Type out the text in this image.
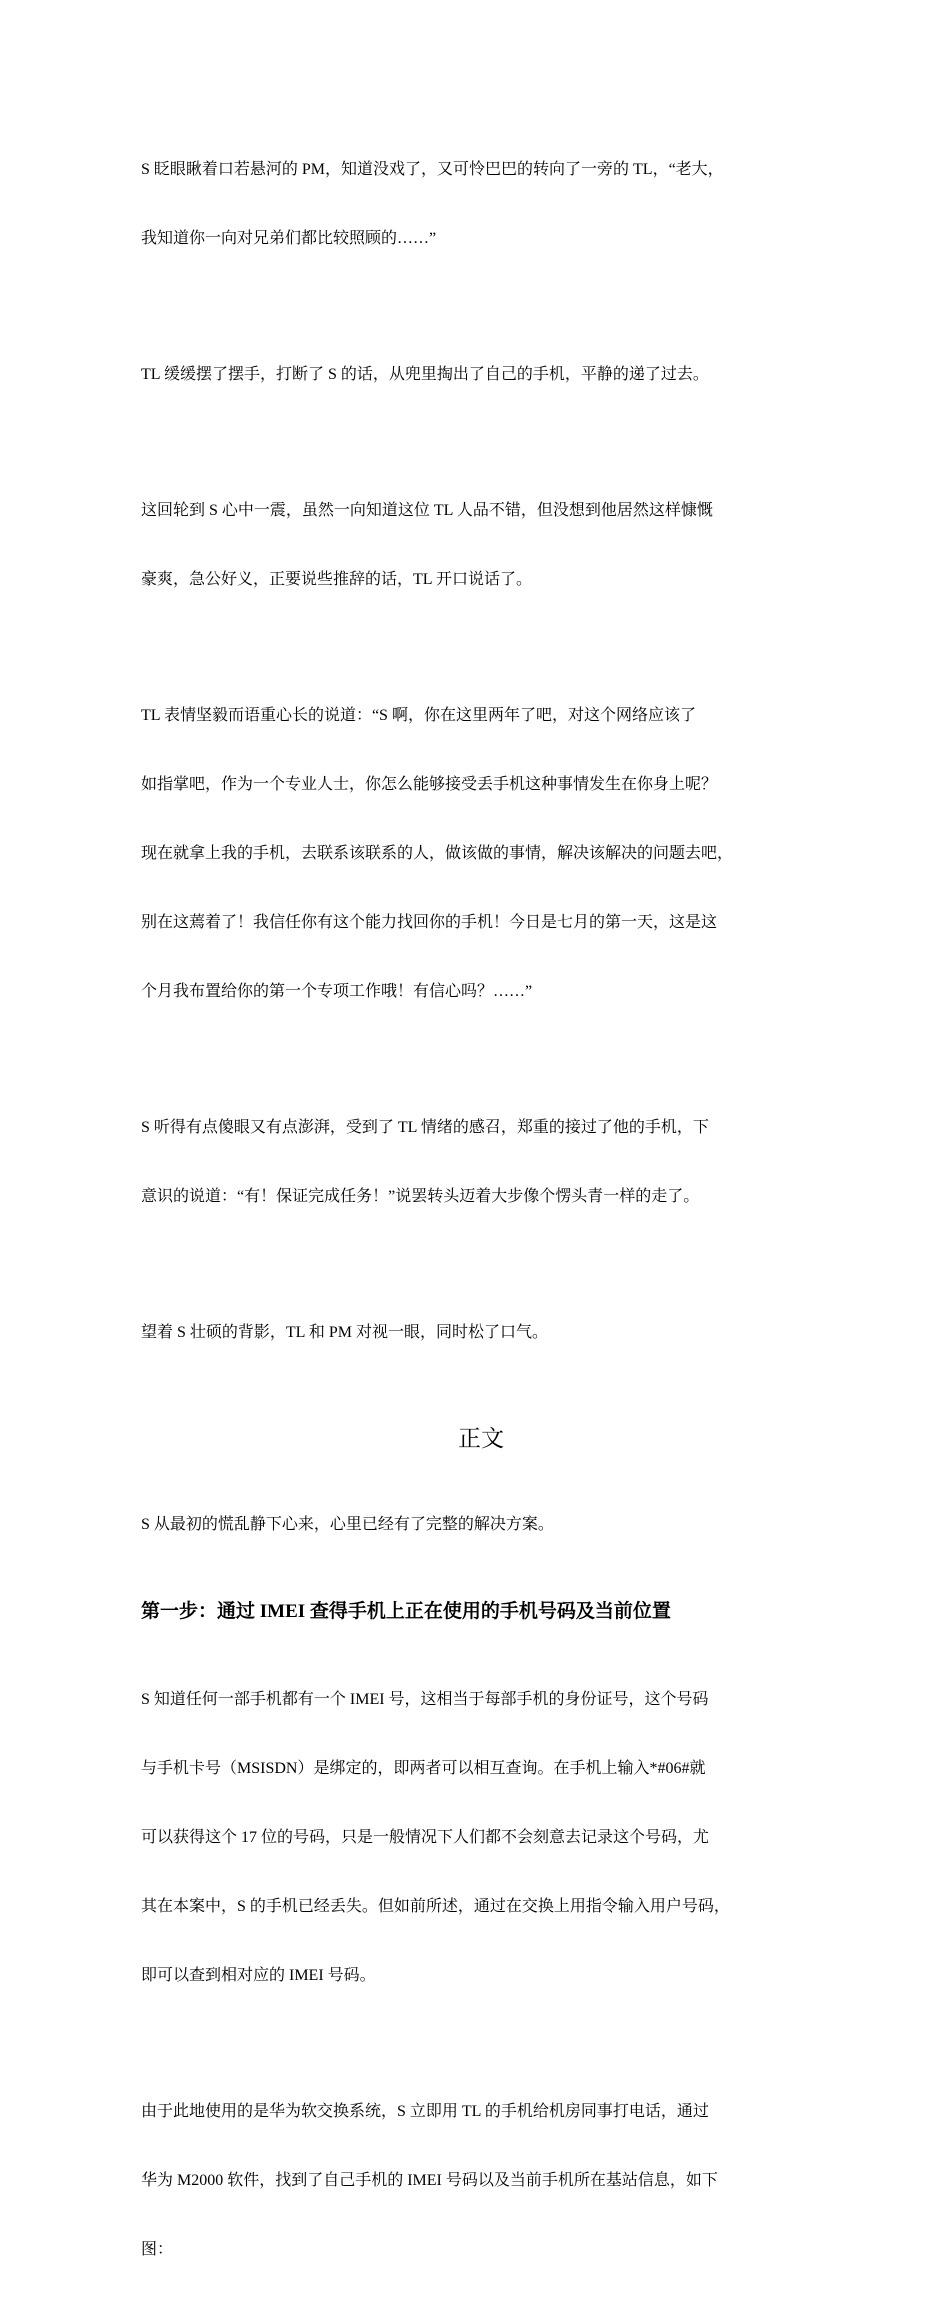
S 眨眼瞅着口若悬河的 PM，知道没戏了，又可怜巴巴的转向了一旁的 TL，“老大，

我知道你一向对兄弟们都比较照顾的……”

TL 缓缓摆了摆手，打断了 S 的话，从兜里掏出了自己的手机，平静的递了过去。

这回轮到 S 心中一震，虽然一向知道这位 TL 人品不错，但没想到他居然这样慷慨

豪爽，急公好义，正要说些推辞的话，TL 开口说话了。

TL 表情坚毅而语重心长的说道：“S 啊，你在这里两年了吧，对这个网络应该了

如指掌吧，作为一个专业人士，你怎么能够接受丢手机这种事情发生在你身上呢？

现在就拿上我的手机，去联系该联系的人，做该做的事情，解决该解决的问题去吧，

别在这蔫着了！我信任你有这个能力找回你的手机！今日是七月的第一天，这是这

个月我布置给你的第一个专项工作哦！有信心吗？……”

S 听得有点傻眼又有点澎湃，受到了 TL 情绪的感召，郑重的接过了他的手机，下

意识的说道：“有！保证完成任务！”说罢转头迈着大步像个愣头青一样的走了。

望着 S 壮硕的背影，TL 和 PM 对视一眼，同时松了口气。

正文

S 从最初的慌乱静下心来，心里已经有了完整的解决方案。

第一步：通过 IMEI 查得手机上正在使用的手机号码及当前位置

S 知道任何一部手机都有一个 IMEI 号，这相当于每部手机的身份证号，这个号码

与手机卡号（MSISDN）是绑定的，即两者可以相互查询。在手机上输入*#06#就

可以获得这个 17 位的号码，只是一般情况下人们都不会刻意去记录这个号码，尤

其在本案中，S 的手机已经丢失。但如前所述，通过在交换上用指令输入用户号码，

即可以查到相对应的 IMEI 号码。

由于此地使用的是华为软交换系统，S 立即用 TL 的手机给机房同事打电话，通过

华为 M2000 软件，找到了自己手机的 IMEI 号码以及当前手机所在基站信息，如下

图：
